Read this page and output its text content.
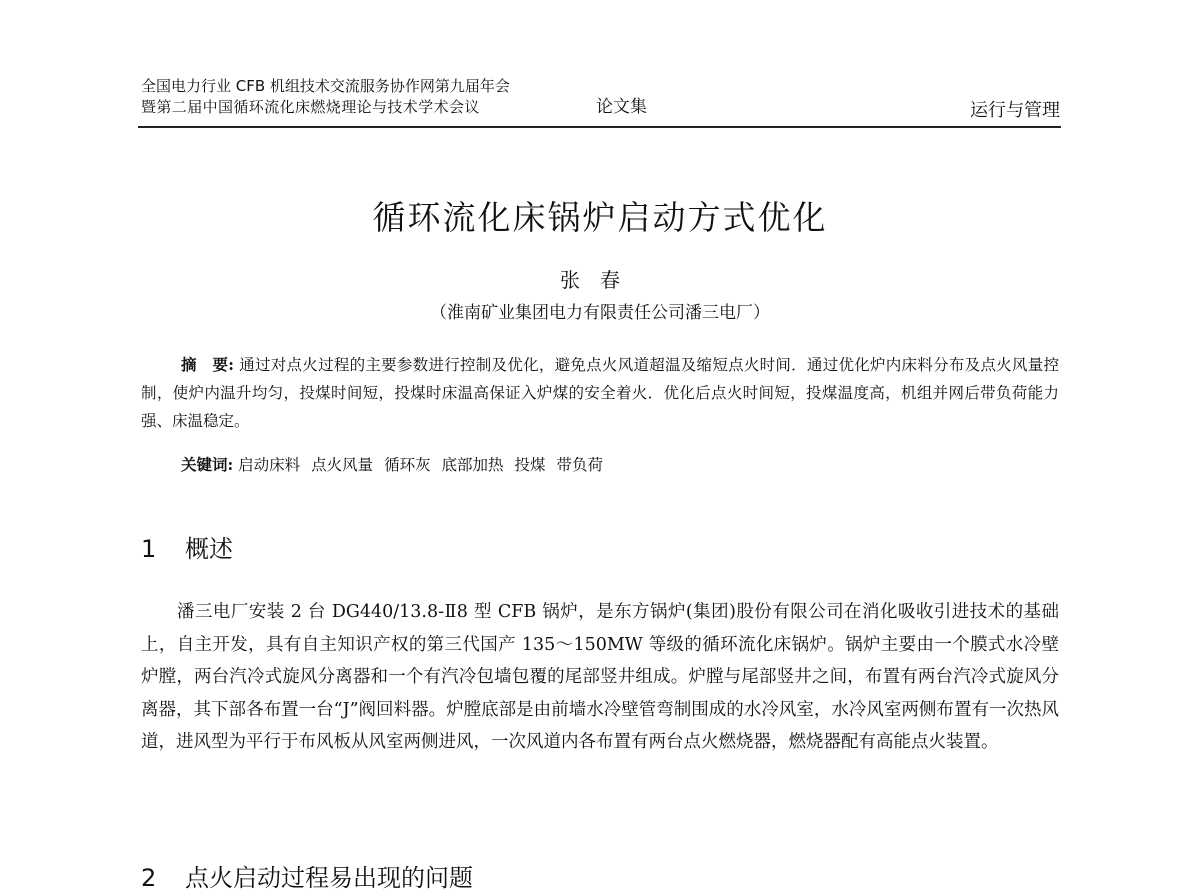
全国电力行业 CFB 机组技术交流服务协作网第九届年会
暨第二届中国循环流化床燃烧理论与技术学术会议	论文集	运行与管理
循环流化床锅炉启动方式优化
张春
（淮南矿业集团电力有限责任公司潘三电厂）
摘　要: 通过对点火过程的主要参数进行控制及优化，避免点火风道超温及缩短点火时间．通过优化炉内床料分布及点火风量控制，使炉内温升均匀，投煤时间短，投煤时床温高保证入炉煤的安全着火．优化后点火时间短，投煤温度高，机组并网后带负荷能力强、床温稳定。
关键词: 启动床料 点火风量 循环灰 底部加热 投煤 带负荷
1 概述
潘三电厂安装 2 台 DG440/13.8-Ⅱ8 型 CFB 锅炉，是东方锅炉(集团)股份有限公司在消化吸收引进技术的基础上，自主开发，具有自主知识产权的第三代国产 135～150MW 等级的循环流化床锅炉。锅炉主要由一个膜式水冷壁炉膛，两台汽冷式旋风分离器和一个有汽冷包墙包覆的尾部竖井组成。炉膛与尾部竖井之间，布置有两台汽冷式旋风分离器，其下部各布置一台“J”阀回料器。炉膛底部是由前墙水冷壁管弯制围成的水冷风室，水冷风室两侧布置有一次热风道，进风型为平行于布风板从风室两侧进风，一次风道内各布置有两台点火燃烧器，燃烧器配有高能点火装置。
2 点火启动过程易出现的问题
